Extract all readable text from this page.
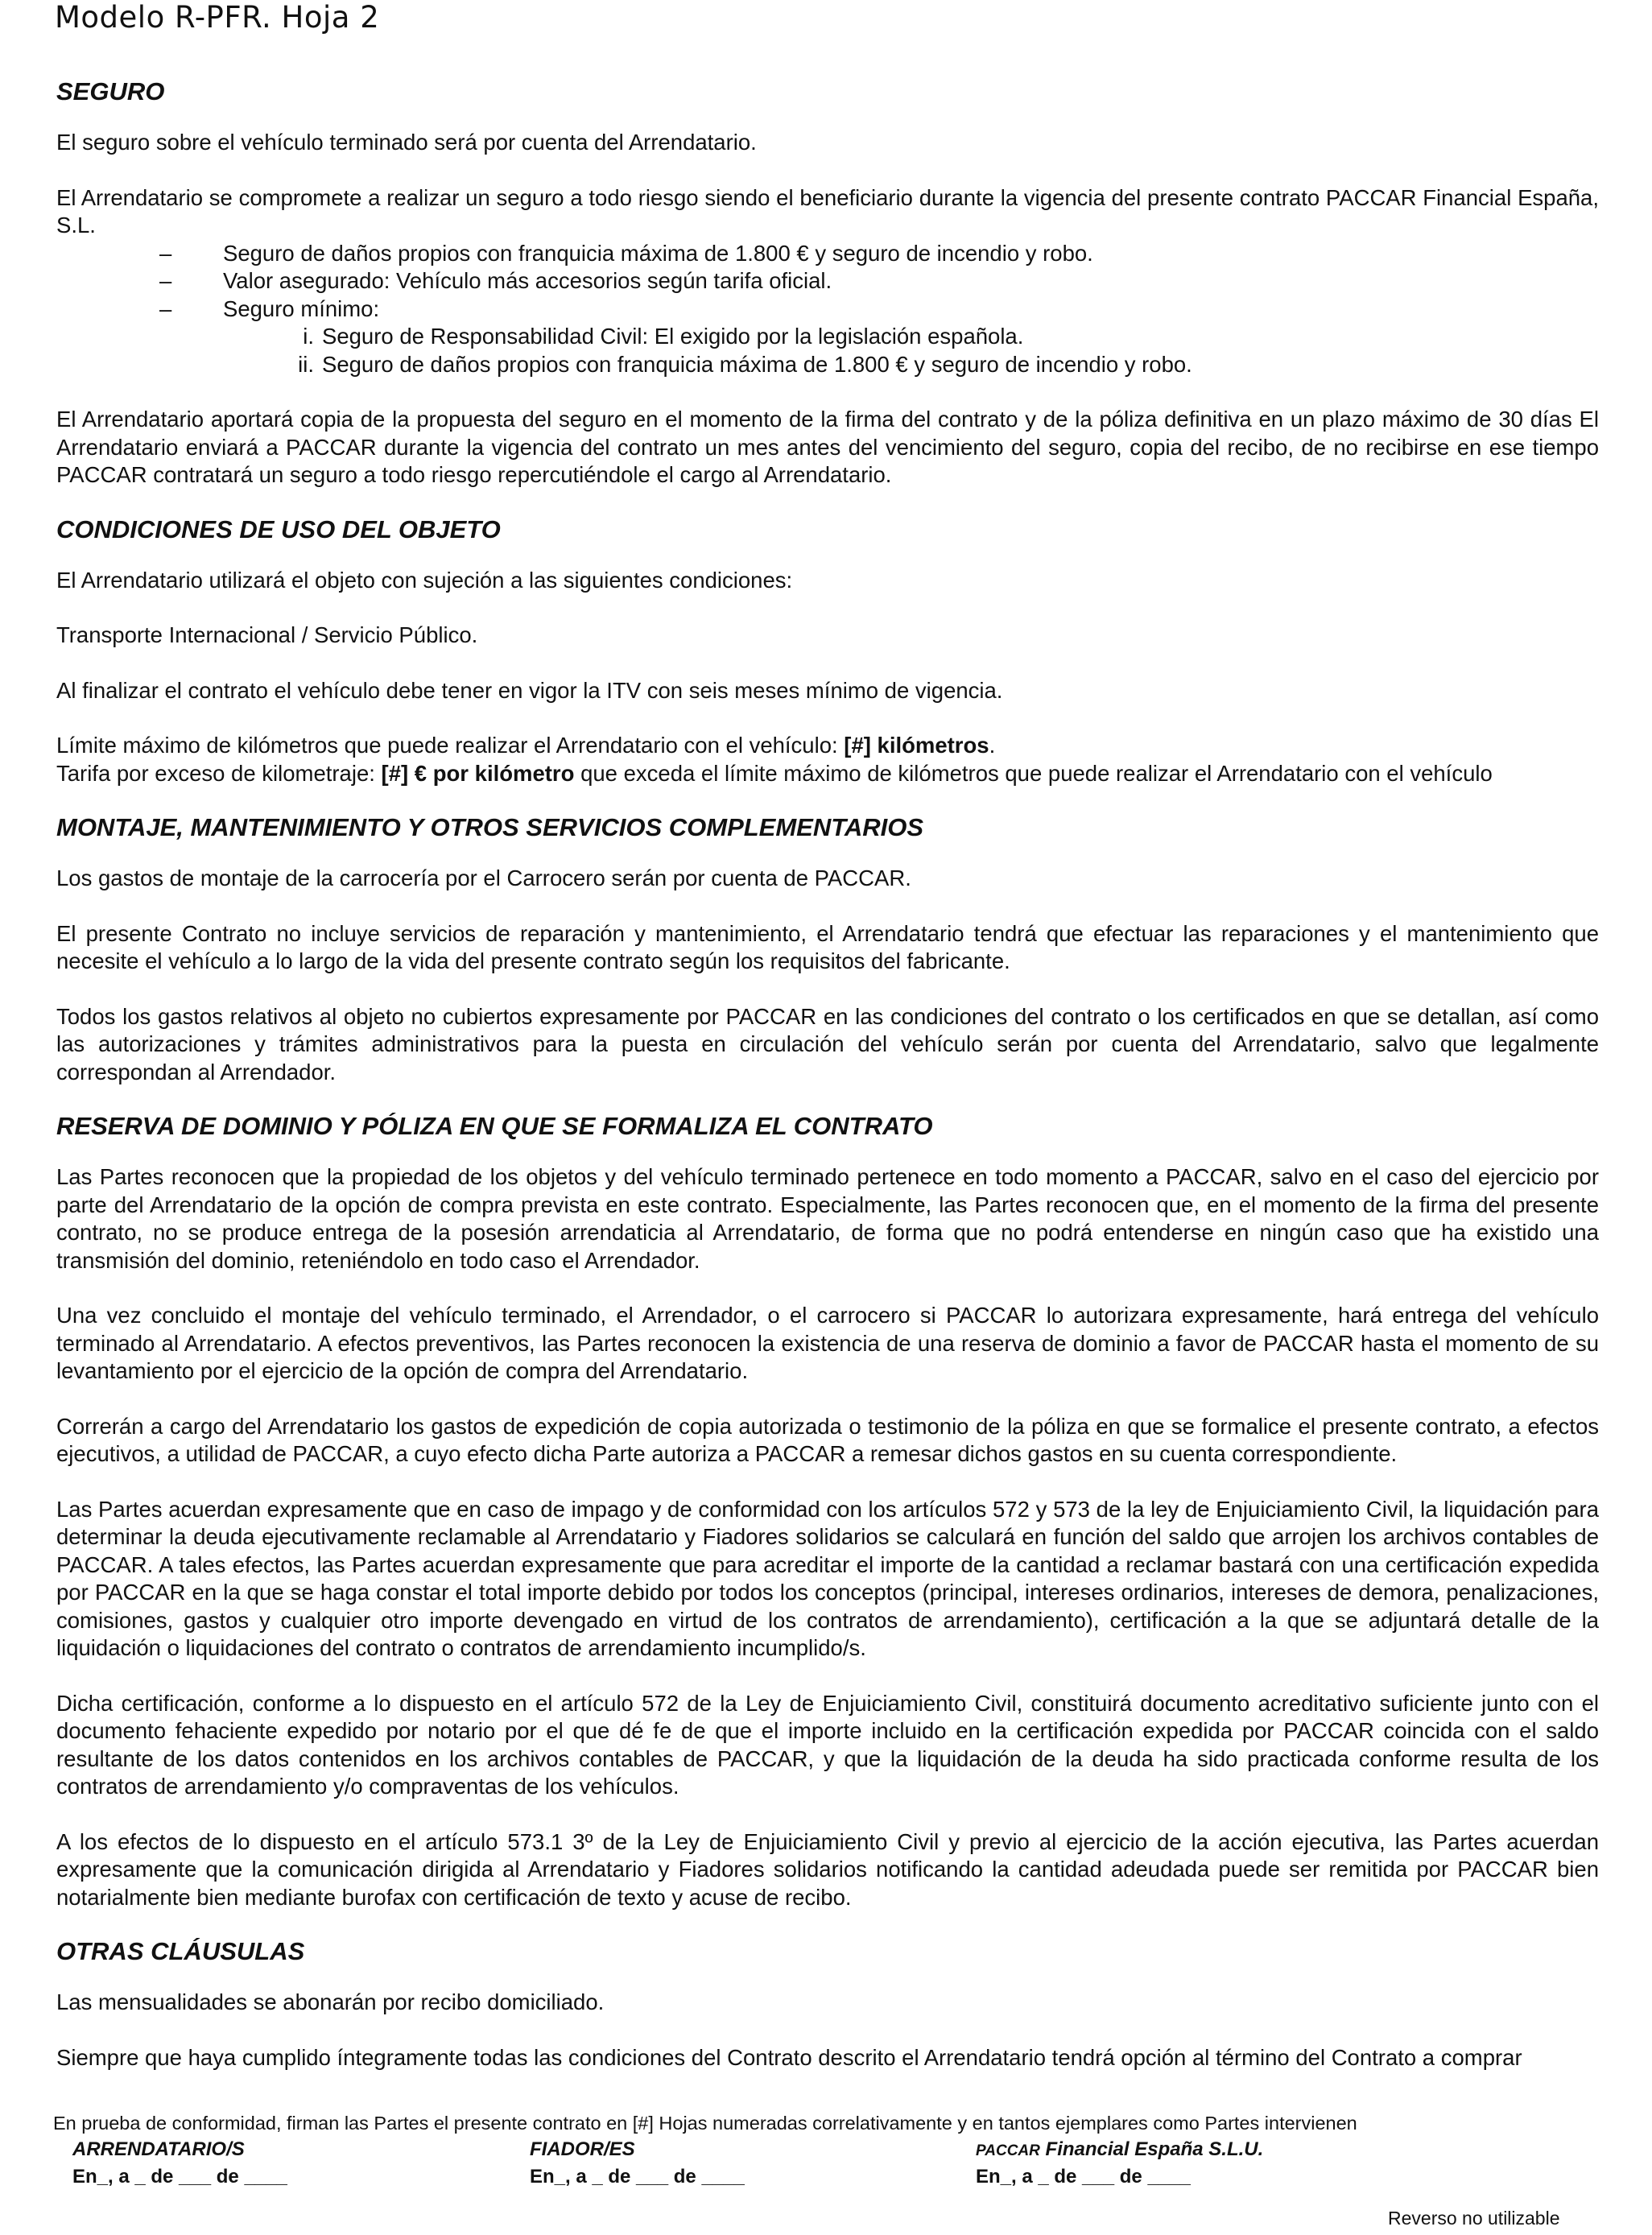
Modelo R-PFR. Hoja 2
SEGURO

El seguro sobre el vehículo terminado será por cuenta del Arrendatario.

El Arrendatario se compromete a realizar un seguro a todo riesgo siendo el beneficiario durante la vigencia del presente contrato PACCAR Financial España, S.L.

– Seguro de daños propios con franquicia máxima de 1.800 € y seguro de incendio y robo.
– Valor asegurado: Vehículo más accesorios según tarifa oficial.
– Seguro mínimo:
i. Seguro de Responsabilidad Civil: El exigido por la legislación española.
ii. Seguro de daños propios con franquicia máxima de 1.800 € y seguro de incendio y robo.

El Arrendatario aportará copia de la propuesta del seguro en el momento de la firma del contrato y de la póliza definitiva en un plazo máximo de 30 días El Arrendatario enviará a PACCAR durante la vigencia del contrato un mes antes del vencimiento del seguro, copia del recibo, de no recibirse en ese tiempo PACCAR contratará un seguro a todo riesgo repercutiéndole el cargo al Arrendatario.

CONDICIONES DE USO DEL OBJETO

El Arrendatario utilizará el objeto con sujeción a las siguientes condiciones:

Transporte Internacional / Servicio Público.

Al finalizar el contrato el vehículo debe tener en vigor la ITV con seis meses mínimo de vigencia.

Límite máximo de kilómetros que puede realizar el Arrendatario con el vehículo: [#] kilómetros.

Tarifa por exceso de kilometraje: [#] € por kilómetro que exceda el límite máximo de kilómetros que puede realizar el Arrendatario con el vehículo

MONTAJE, MANTENIMIENTO Y OTROS SERVICIOS COMPLEMENTARIOS

Los gastos de montaje de la carrocería por el Carrocero serán por cuenta de PACCAR.

El presente Contrato no incluye servicios de reparación y mantenimiento, el Arrendatario tendrá que efectuar las reparaciones y el mantenimiento que necesite el vehículo a lo largo de la vida del presente contrato según los requisitos del fabricante.

Todos los gastos relativos al objeto no cubiertos expresamente por PACCAR en las condiciones del contrato o los certificados en que se detallan, así como las autorizaciones y trámites administrativos para la puesta en circulación del vehículo serán por cuenta del Arrendatario, salvo que legalmente correspondan al Arrendador.

RESERVA DE DOMINIO Y PÓLIZA EN QUE SE FORMALIZA EL CONTRATO

Las Partes reconocen que la propiedad de los objetos y del vehículo terminado pertenece en todo momento a PACCAR, salvo en el caso del ejercicio por parte del Arrendatario de la opción de compra prevista en este contrato. Especialmente, las Partes reconocen que, en el momento de la firma del presente contrato, no se produce entrega de la posesión arrendaticia al Arrendatario, de forma que no podrá entenderse en ningún caso que ha existido una transmisión del dominio, reteniéndolo en todo caso el Arrendador.

Una vez concluido el montaje del vehículo terminado, el Arrendador, o el carrocero si PACCAR lo autorizara expresamente, hará entrega del vehículo terminado al Arrendatario. A efectos preventivos, las Partes reconocen la existencia de una reserva de dominio a favor de PACCAR hasta el momento de su levantamiento por el ejercicio de la opción de compra del Arrendatario.

Correrán a cargo del Arrendatario los gastos de expedición de copia autorizada o testimonio de la póliza en que se formalice el presente contrato, a efectos ejecutivos, a utilidad de PACCAR, a cuyo efecto dicha Parte autoriza a PACCAR a remesar dichos gastos en su cuenta correspondiente.

Las Partes acuerdan expresamente que en caso de impago y de conformidad con los artículos 572 y 573 de la ley de Enjuiciamiento Civil, la liquidación para determinar la deuda ejecutivamente reclamable al Arrendatario y Fiadores solidarios se calculará en función del saldo que arrojen los archivos contables de PACCAR. A tales efectos, las Partes acuerdan expresamente que para acreditar el importe de la cantidad a reclamar bastará con una certificación expedida por PACCAR en la que se haga constar el total importe debido por todos los conceptos (principal, intereses ordinarios, intereses de demora, penalizaciones, comisiones, gastos y cualquier otro importe devengado en virtud de los contratos de arrendamiento), certificación a la que se adjuntará detalle de la liquidación o liquidaciones del contrato o contratos de arrendamiento incumplido/s.

Dicha certificación, conforme a lo dispuesto en el artículo 572 de la Ley de Enjuiciamiento Civil, constituirá documento acreditativo suficiente junto con el documento fehaciente expedido por notario por el que dé fe de que el importe incluido en la certificación expedida por PACCAR coincida con el saldo resultante de los datos contenidos en los archivos contables de PACCAR, y que la liquidación de la deuda ha sido practicada conforme resulta de los contratos de arrendamiento y/o compraventas de los vehículos.

A los efectos de lo dispuesto en el artículo 573.1 3º de la Ley de Enjuiciamiento Civil y previo al ejercicio de la acción ejecutiva, las Partes acuerdan expresamente que la comunicación dirigida al Arrendatario y Fiadores solidarios notificando la cantidad adeudada puede ser remitida por PACCAR bien notarialmente bien mediante burofax con certificación de texto y acuse de recibo.

OTRAS CLÁUSULAS

Las mensualidades se abonarán por recibo domiciliado.

Siempre que haya cumplido íntegramente todas las condiciones del Contrato descrito el Arrendatario tendrá opción al término del Contrato a comprar

En prueba de conformidad, firman las Partes el presente contrato en [#] Hojas numeradas correlativamente y en tantos ejemplares como Partes intervienen
ARRENDATARIO/S
En_, a _ de ___ de ____
FIADOR/ES
En_, a _ de ___ de ____
PACCAR Financial España S.L.U.
En_, a _ de ___ de ____
Reverso no utilizable
